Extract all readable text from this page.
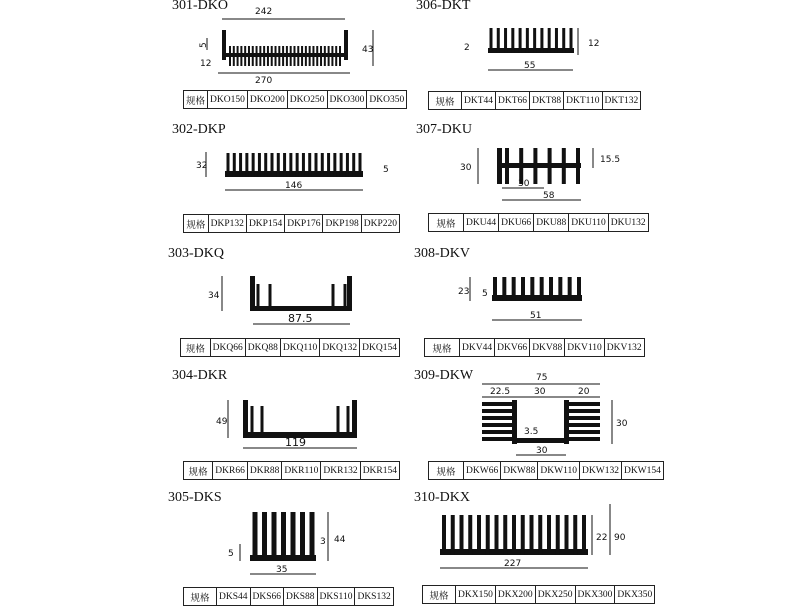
301-DKO	242
5	43
12
270
规格	DKO150	DKO200	DKO250	DKO300	DKO350
306-DKT
2	12
55
规格	DKT44	DKT66	DKT88	DKT110	DKT132
302-DKP
32	5
146
规格	DKP132	DKP154	DKP176	DKP198	DKP220
307-DKU
30
15.5
30
58
规格	DKU44	DKU66	DKU88	DKU110	DKU132
303-DKQ
34
87.5
规格	DKQ66	DKQ88	DKQ110	DKQ132	DKQ154
308-DKV
23 5
51
规格	DKV44	DKV66	DKV88	DKV110	DKV132
304-DKR
49
119
规格	DKR66	DKR88	DKR110	DKR132	DKR154
309-DKW	75
22.5	30	20
30
3.5
30
规格	DKW66	DKW88	DKW110	DKW132	DKW154
305-DKS
5
3 44
35
规格	DKS44	DKS66	DKS88	DKS110	DKS132
310-DKX
22 90
227
规格	DKX150	DKX200	DKX250	DKX300	DKX350
